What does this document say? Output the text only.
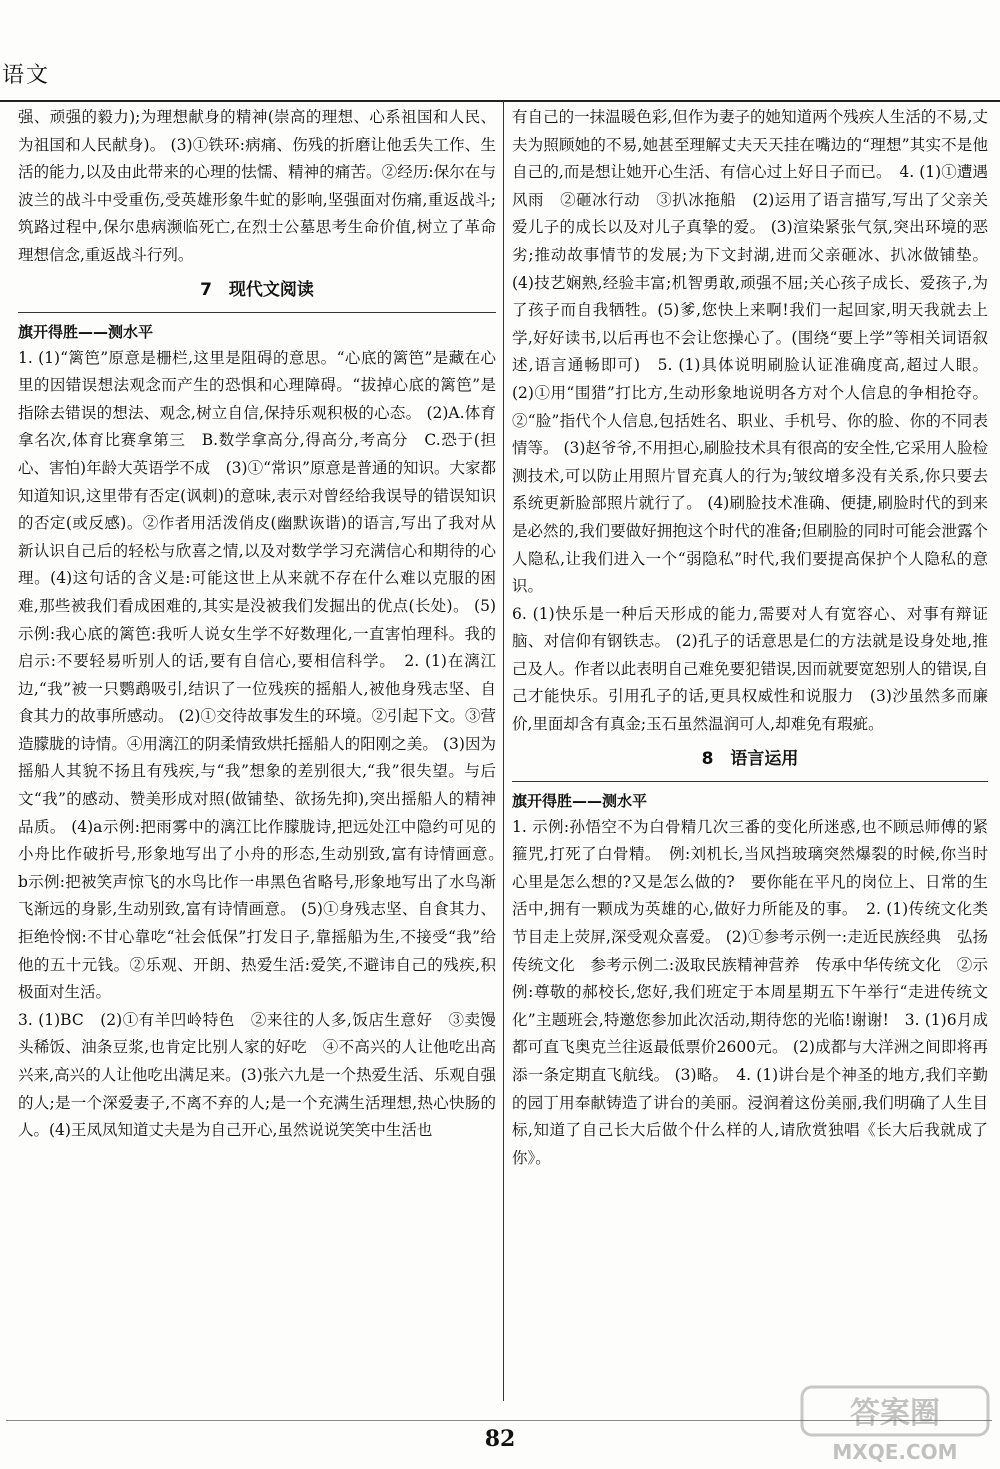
语文

强、顽强的毅力);为理想献身的精神(崇高的理想、心系祖国和人民、为祖国和人民献身)。 (3)①铁环:病痛、伤残的折磨让他丢失工作、生活的能力,以及由此带来的心理的怯懦、精神的痛苦。②经历:保尔在与波兰的战斗中受重伤,受英雄形象牛虻的影响,坚强面对伤痛,重返战斗;筑路过程中,保尔患病濒临死亡,在烈士公墓思考生命价值,树立了革命理想信念,重返战斗行列。

7　现代文阅读

旗开得胜——测水平

1. (1)“篱笆”原意是栅栏,这里是阻碍的意思。“心底的篱笆”是藏在心里的因错误想法观念而产生的恐惧和心理障碍。“拔掉心底的篱笆”是指除去错误的想法、观念,树立自信,保持乐观积极的心态。 (2)A.体育拿名次,体育比赛拿第三　B.数学拿高分,得高分,考高分　C.恐于(担心、害怕)年龄大英语学不成　(3)①“常识”原意是普通的知识。大家都知道知识,这里带有否定(讽刺)的意味,表示对曾经给我误导的错误知识的否定(或反感)。②作者用活泼俏皮(幽默诙谐)的语言,写出了我对从新认识自己后的轻松与欣喜之情,以及对数学学习充满信心和期待的心理。(4)这句话的含义是:可能这世上从来就不存在什么难以克服的困难,那些被我们看成困难的,其实是没被我们发掘出的优点(长处)。 (5)示例:我心底的篱笆:我听人说女生学不好数理化,一直害怕理科。我的启示:不要轻易听别人的话,要有自信心,要相信科学。　2. (1)在漓江边,“我”被一只鹦鹉吸引,结识了一位残疾的摇船人,被他身残志坚、自食其力的故事所感动。 (2)①交待故事发生的环境。②引起下文。③营造朦胧的诗情。④用漓江的阴柔情致烘托摇船人的阳刚之美。 (3)因为摇船人其貌不扬且有残疾,与“我”想象的差别很大,“我”很失望。与后文“我”的感动、赞美形成对照(做铺垫、欲扬先抑),突出摇船人的精神品质。 (4)a示例:把雨雾中的漓江比作朦胧诗,把远处江中隐约可见的小舟比作破折号,形象地写出了小舟的形态,生动别致,富有诗情画意。　b示例:把被笑声惊飞的水鸟比作一串黑色省略号,形象地写出了水鸟渐飞渐远的身影,生动别致,富有诗情画意。 (5)①身残志坚、自食其力、拒绝怜悯:不甘心靠吃“社会低保”打发日子,靠摇船为生,不接受“我”给他的五十元钱。②乐观、开朗、热爱生活:爱笑,不避讳自己的残疾,积极面对生活。

3. (1)BC　(2)①有羊凹岭特色　②来往的人多,饭店生意好　③卖馒头稀饭、油条豆浆,也肯定比别人家的好吃　④不高兴的人让他吃出高兴来,高兴的人让他吃出满足来。(3)张六九是一个热爱生活、乐观自强的人;是一个深爱妻子,不离不弃的人;是一个充满生活理想,热心快肠的人。(4)王凤凤知道丈夫是为自己开心,虽然说说笑笑中生活也

有自己的一抹温暖色彩,但作为妻子的她知道两个残疾人生活的不易,丈夫为照顾她的不易,她甚至理解丈夫天天挂在嘴边的“理想”其实不是他自己的,而是想让她开心生活、有信心过上好日子而已。　4. (1)①遭遇风雨　②砸冰行动　③扒冰拖船　(2)运用了语言描写,写出了父亲关爱儿子的成长以及对儿子真挚的爱。 (3)渲染紧张气氛,突出环境的恶劣;推动故事情节的发展;为下文封湖,进而父亲砸冰、扒冰做铺垫。 (4)技艺娴熟,经验丰富;机智勇敢,顽强不屈;关心孩子成长、爱孩子,为了孩子而自我牺牲。(5)爹,您快上来啊!我们一起回家,明天我就去上学,好好读书,以后再也不会让您操心了。(围绕“要上学”等相关词语叙述,语言通畅即可)　5. (1)具体说明刷脸认证准确度高,超过人眼。 (2)①用“围猎”打比方,生动形象地说明各方对个人信息的争相抢夺。②“脸”指代个人信息,包括姓名、职业、手机号、你的脸、你的不同表情等。 (3)赵爷爷,不用担心,刷脸技术具有很高的安全性,它采用人脸检测技术,可以防止用照片冒充真人的行为;皱纹增多没有关系,你只要去系统更新脸部照片就行了。 (4)刷脸技术准确、便捷,刷脸时代的到来是必然的,我们要做好拥抱这个时代的准备;但刷脸的同时可能会泄露个人隐私,让我们进入一个“弱隐私”时代,我们要提高保护个人隐私的意识。

6. (1)快乐是一种后天形成的能力,需要对人有宽容心、对事有辩证脑、对信仰有钢铁志。 (2)孔子的话意思是仁的方法就是设身处地,推己及人。作者以此表明自己难免要犯错误,因而就要宽恕别人的错误,自己才能快乐。引用孔子的话,更具权威性和说服力　(3)沙虽然多而廉价,里面却含有真金;玉石虽然温润可人,却难免有瑕疵。

8　语言运用

旗开得胜——测水平

1. 示例:孙悟空不为白骨精几次三番的变化所迷惑,也不顾忌师傅的紧箍咒,打死了白骨精。　例:刘机长,当风挡玻璃突然爆裂的时候,你当时心里是怎么想的?又是怎么做的?　要你能在平凡的岗位上、日常的生活中,拥有一颗成为英雄的心,做好力所能及的事。　2. (1)传统文化类节目走上荧屏,深受观众喜爱。 (2)①参考示例一:走近民族经典　弘扬传统文化　参考示例二:汲取民族精神营养　传承中华传统文化　②示例:尊敬的郝校长,您好,我们班定于本周星期五下午举行“走进传统文化”主题班会,特邀您参加此次活动,期待您的光临!谢谢!　3. (1)6月成都可直飞奥克兰往返最低票价2600元。 (2)成都与大洋洲之间即将再添一条定期直飞航线。 (3)略。　4. (1)讲台是个神圣的地方,我们辛勤的园丁用奉献铸造了讲台的美丽。浸润着这份美丽,我们明确了人生目标,知道了自己长大后做个什么样的人,请欣赏独唱《长大后我就成了你》。

82
答案圈
MXQE.COM
